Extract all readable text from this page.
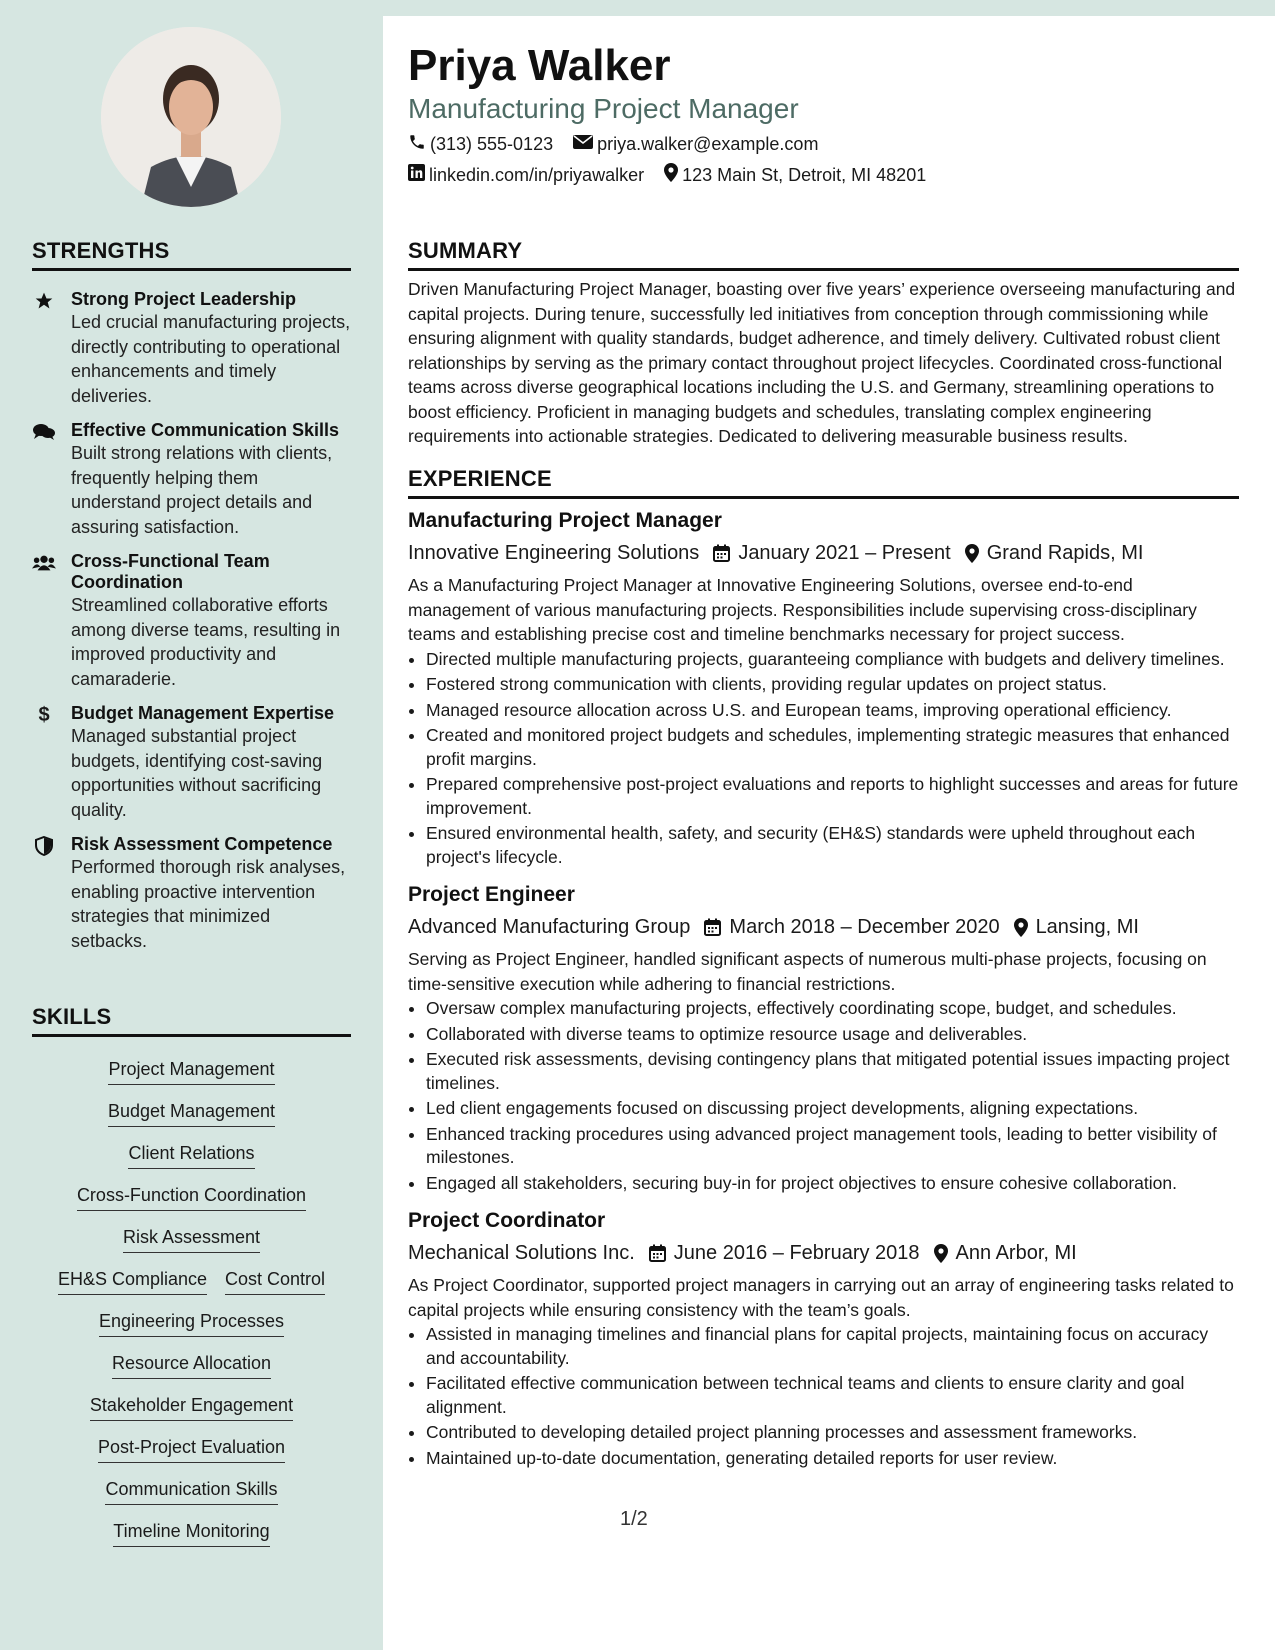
STRENGTHS
Strong Project Leadership
Led crucial manufacturing projects, directly contributing to operational enhancements and timely deliveries.
Effective Communication Skills
Built strong relations with clients, frequently helping them understand project details and assuring satisfaction.
Cross-Functional Team Coordination
Streamlined collaborative efforts among diverse teams, resulting in improved productivity and camaraderie.
$	Budget Management Expertise
Managed substantial project budgets, identifying cost-saving opportunities without sacrificing quality.
Risk Assessment Competence
Performed thorough risk analyses, enabling proactive intervention strategies that minimized setbacks.
SKILLS
Project Management
Budget Management
Client Relations
Cross-Function Coordination
Risk Assessment
EH&S Compliance Cost Control
Engineering Processes
Resource Allocation
Stakeholder Engagement
Post-Project Evaluation
Communication Skills
Timeline Monitoring
Priya Walker
Manufacturing Project Manager
(313) 555-0123 priya.walker@example.com
linkedin.com/in/priyawalker 123 Main St, Detroit, MI 48201
SUMMARY

Driven Manufacturing Project Manager, boasting over five years’ experience overseeing manufacturing and capital projects. During tenure, successfully led initiatives from conception through commissioning while ensuring alignment with quality standards, budget adherence, and timely delivery. Cultivated robust client relationships by serving as the primary contact throughout project lifecycles. Coordinated cross-functional teams across diverse geographical locations including the U.S. and Germany, streamlining operations to boost efficiency. Proficient in managing budgets and schedules, translating complex engineering requirements into actionable strategies. Dedicated to delivering measurable business results.

EXPERIENCE
Manufacturing Project Manager
Innovative Engineering Solutions January 2021 – Present Grand Rapids, MI

As a Manufacturing Project Manager at Innovative Engineering Solutions, oversee end-to-end management of various manufacturing projects. Responsibilities include supervising cross-disciplinary teams and establishing precise cost and timeline benchmarks necessary for project success.

• Directed multiple manufacturing projects, guaranteeing compliance with budgets and delivery timelines.
• Fostered strong communication with clients, providing regular updates on project status.
• Managed resource allocation across U.S. and European teams, improving operational efficiency.
• Created and monitored project budgets and schedules, implementing strategic measures that enhanced profit margins.
• Prepared comprehensive post-project evaluations and reports to highlight successes and areas for future improvement.
• Ensured environmental health, safety, and security (EH&S) standards were upheld throughout each project's lifecycle.
Project Engineer
Advanced Manufacturing Group March 2018 – December 2020 Lansing, MI

Serving as Project Engineer, handled significant aspects of numerous multi-phase projects, focusing on time-sensitive execution while adhering to financial restrictions.

• Oversaw complex manufacturing projects, effectively coordinating scope, budget, and schedules.
• Collaborated with diverse teams to optimize resource usage and deliverables.
• Executed risk assessments, devising contingency plans that mitigated potential issues impacting project timelines.
• Led client engagements focused on discussing project developments, aligning expectations.
• Enhanced tracking procedures using advanced project management tools, leading to better visibility of milestones.
• Engaged all stakeholders, securing buy-in for project objectives to ensure cohesive collaboration.
Project Coordinator
Mechanical Solutions Inc. June 2016 – February 2018 Ann Arbor, MI

As Project Coordinator, supported project managers in carrying out an array of engineering tasks related to capital projects while ensuring consistency with the team’s goals.

• Assisted in managing timelines and financial plans for capital projects, maintaining focus on accuracy and accountability.
• Facilitated effective communication between technical teams and clients to ensure clarity and goal alignment.
• Contributed to developing detailed project planning processes and assessment frameworks.
• Maintained up-to-date documentation, generating detailed reports for user review.
1/2
